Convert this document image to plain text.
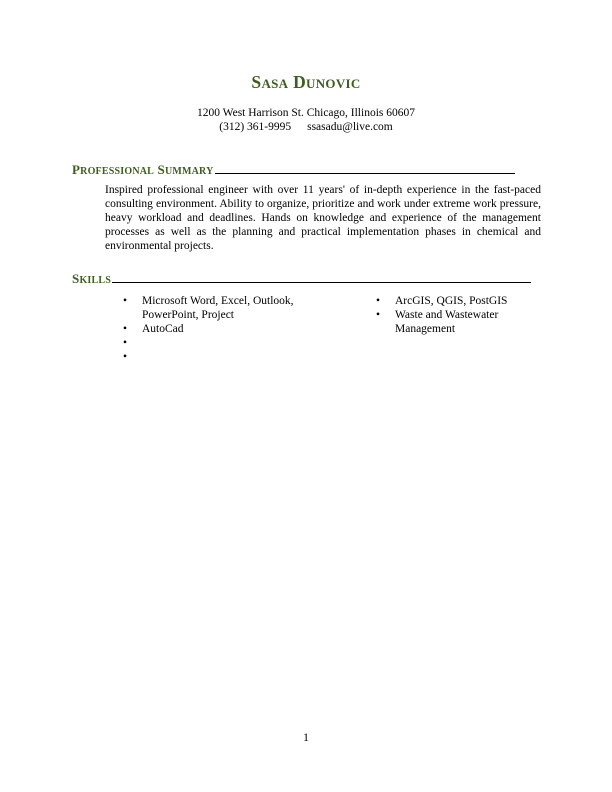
SASA DUNOVIC
1200 West Harrison St. Chicago, Illinois 60607
(312) 361-9995 ssasadu@live.com
PROFESSIONAL SUMMARY

Inspired professional engineer with over 11 years' of in-depth experience in the fast-paced consulting environment. Ability to organize, prioritize and work under extreme work pressure, heavy workload and deadlines. Hands on knowledge and experience of the management processes as well as the planning and practical implementation phases in chemical and environmental projects.

SKILLS
•	Microsoft Word, Excel, Outlook, PowerPoint, Project
•	AutoCad
•
•
•	ArcGIS, QGIS, PostGIS
•	Waste and Wastewater Management
1
